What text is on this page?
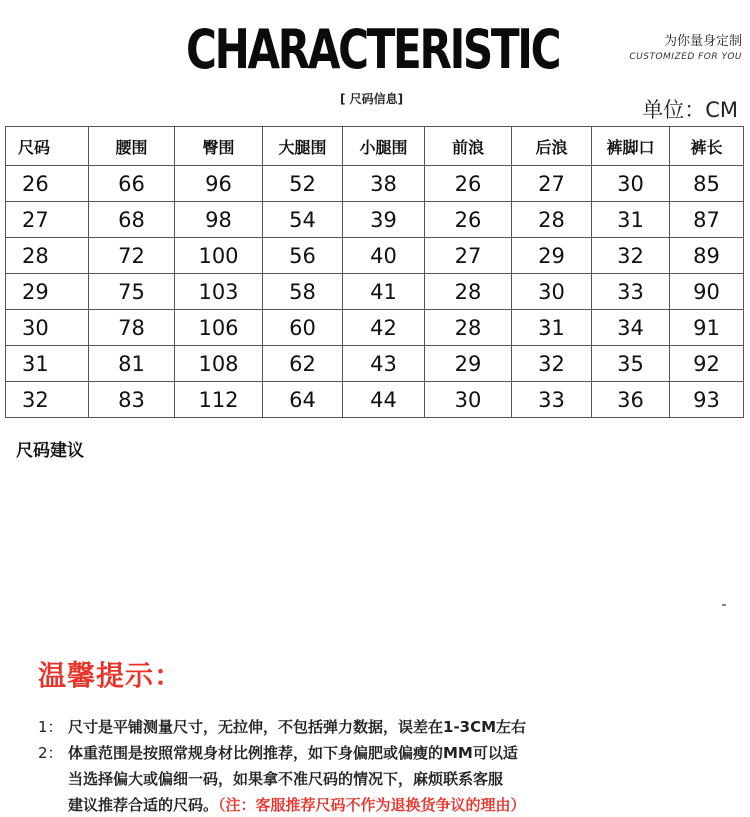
CHARACTERISTIC	为你量身定制
CUSTOMIZED FOR YOU
[ 尺码信息]	单位：CM
尺码	腰围	臀围	大腿围	小腿围	前浪	后浪	裤脚口	裤长
26	66	96	52	38	26	27	30	85
27	68	98	54	39	26	28	31	87
28	72	100	56	40	27	29	32	89
29	75	103	58	41	28	30	33	90
30	78	106	60	42	28	31	34	91
31	81	108	62	43	29	32	35	92
32	83	112	64	44	30	33	36	93
尺码建议
温馨提示：
1： 尺寸是平铺测量尺寸，无拉伸，不包括弹力数据，误差在1-3CM左右
2： 体重范围是按照常规身材比例推荐，如下身偏肥或偏瘦的MM可以适
当选择偏大或偏细一码，如果拿不准尺码的情况下，麻烦联系客服
建议推荐合适的尺码。（注：客服推荐尺码不作为退换货争议的理由）
